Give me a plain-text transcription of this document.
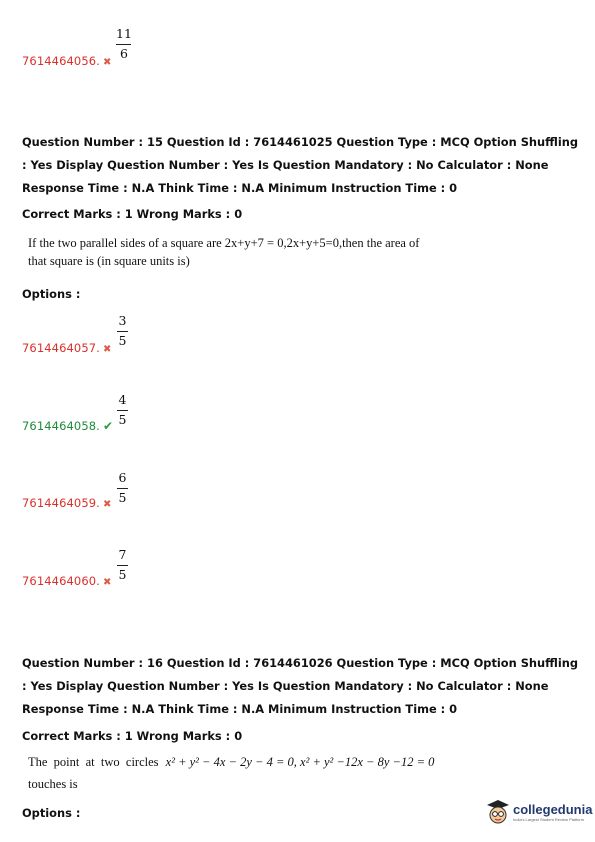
7614464056. ✖
11
6
Question Number : 15 Question Id : 7614461025 Question Type : MCQ Option Shuffling : Yes Display Question Number : Yes Is Question Mandatory : No Calculator : None Response Time : N.A Think Time : N.A Minimum Instruction Time : 0
Correct Marks : 1 Wrong Marks : 0
If the two parallel sides of a square are 2x+y+7 = 0,2x+y+5=0,then the area of
that square is (in square units is)
Options :
7614464057. ✖
3
5
7614464058. ✔
4
5
7614464059. ✖
6
5
7614464060. ✖
7
5
Question Number : 16 Question Id : 7614461026 Question Type : MCQ Option Shuffling : Yes Display Question Number : Yes Is Question Mandatory : No Calculator : None Response Time : N.A Think Time : N.A Minimum Instruction Time : 0
Correct Marks : 1 Wrong Marks : 0
The  point  at  two  circles x² + y² − 4x − 2y − 4 = 0, x² + y² −12x − 8y −12 = 0
touches is
Options :	collegedunia
India's Largest Student Review Platform
